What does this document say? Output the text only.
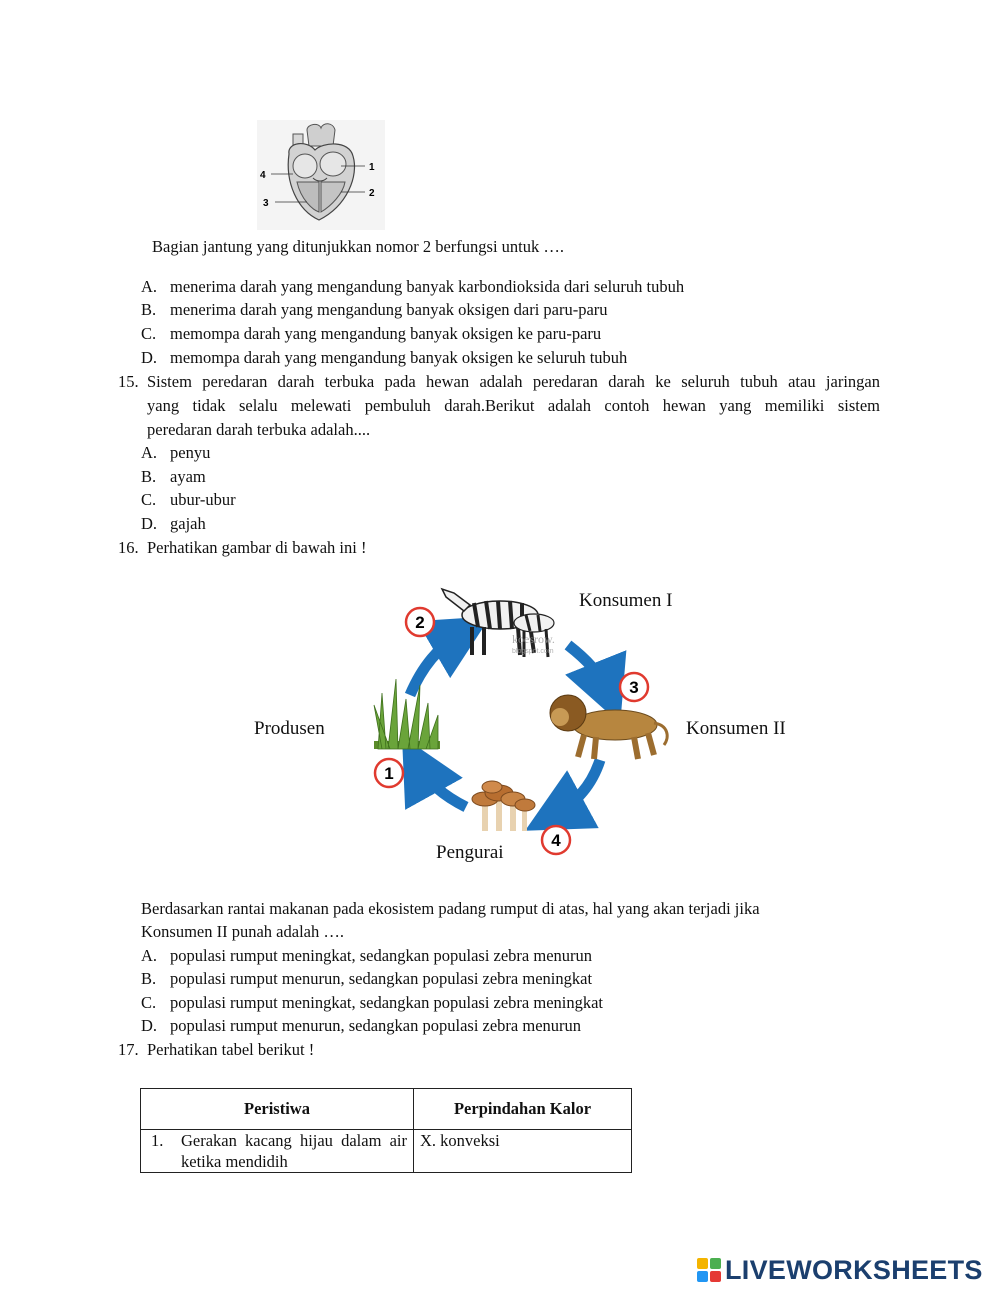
1
2
3
4
Bagian jantung yang ditunjukkan nomor 2 berfungsi untuk ….
A. menerima darah yang mengandung banyak karbondioksida dari seluruh tubuh
B. menerima darah yang mengandung banyak oksigen dari paru-paru
C. memompa darah yang mengandung banyak oksigen ke paru-paru
D. memompa darah yang mengandung banyak oksigen ke seluruh tubuh
15. Sistem peredaran darah terbuka pada hewan adalah peredaran darah ke seluruh tubuh atau jaringan
yang tidak selalu melewati pembuluh darah.Berikut adalah contoh hewan yang memiliki sistem
peredaran darah terbuka adalah....
A. penyu
B. ayam
C. ubur-ubur
D. gajah
16. Perhatikan gambar di bawah ini !
koesrow.
blogspot.com
2
3
1
4
Konsumen I
Konsumen II
Produsen
Pengurai
Berdasarkan rantai makanan pada ekosistem padang rumput di atas, hal yang akan terjadi jika
Konsumen II punah adalah ….
A. populasi rumput meningkat, sedangkan populasi zebra menurun
B. populasi rumput menurun, sedangkan populasi zebra meningkat
C. populasi rumput meningkat, sedangkan populasi zebra meningkat
D. populasi rumput menurun, sedangkan populasi zebra menurun
17. Perhatikan tabel berikut !
Peristiwa	Perpindahan Kalor

1. Gerakan kacang hijau dalam air ketika mendidih	X. konveksi
LIVEWORKSHEETS
